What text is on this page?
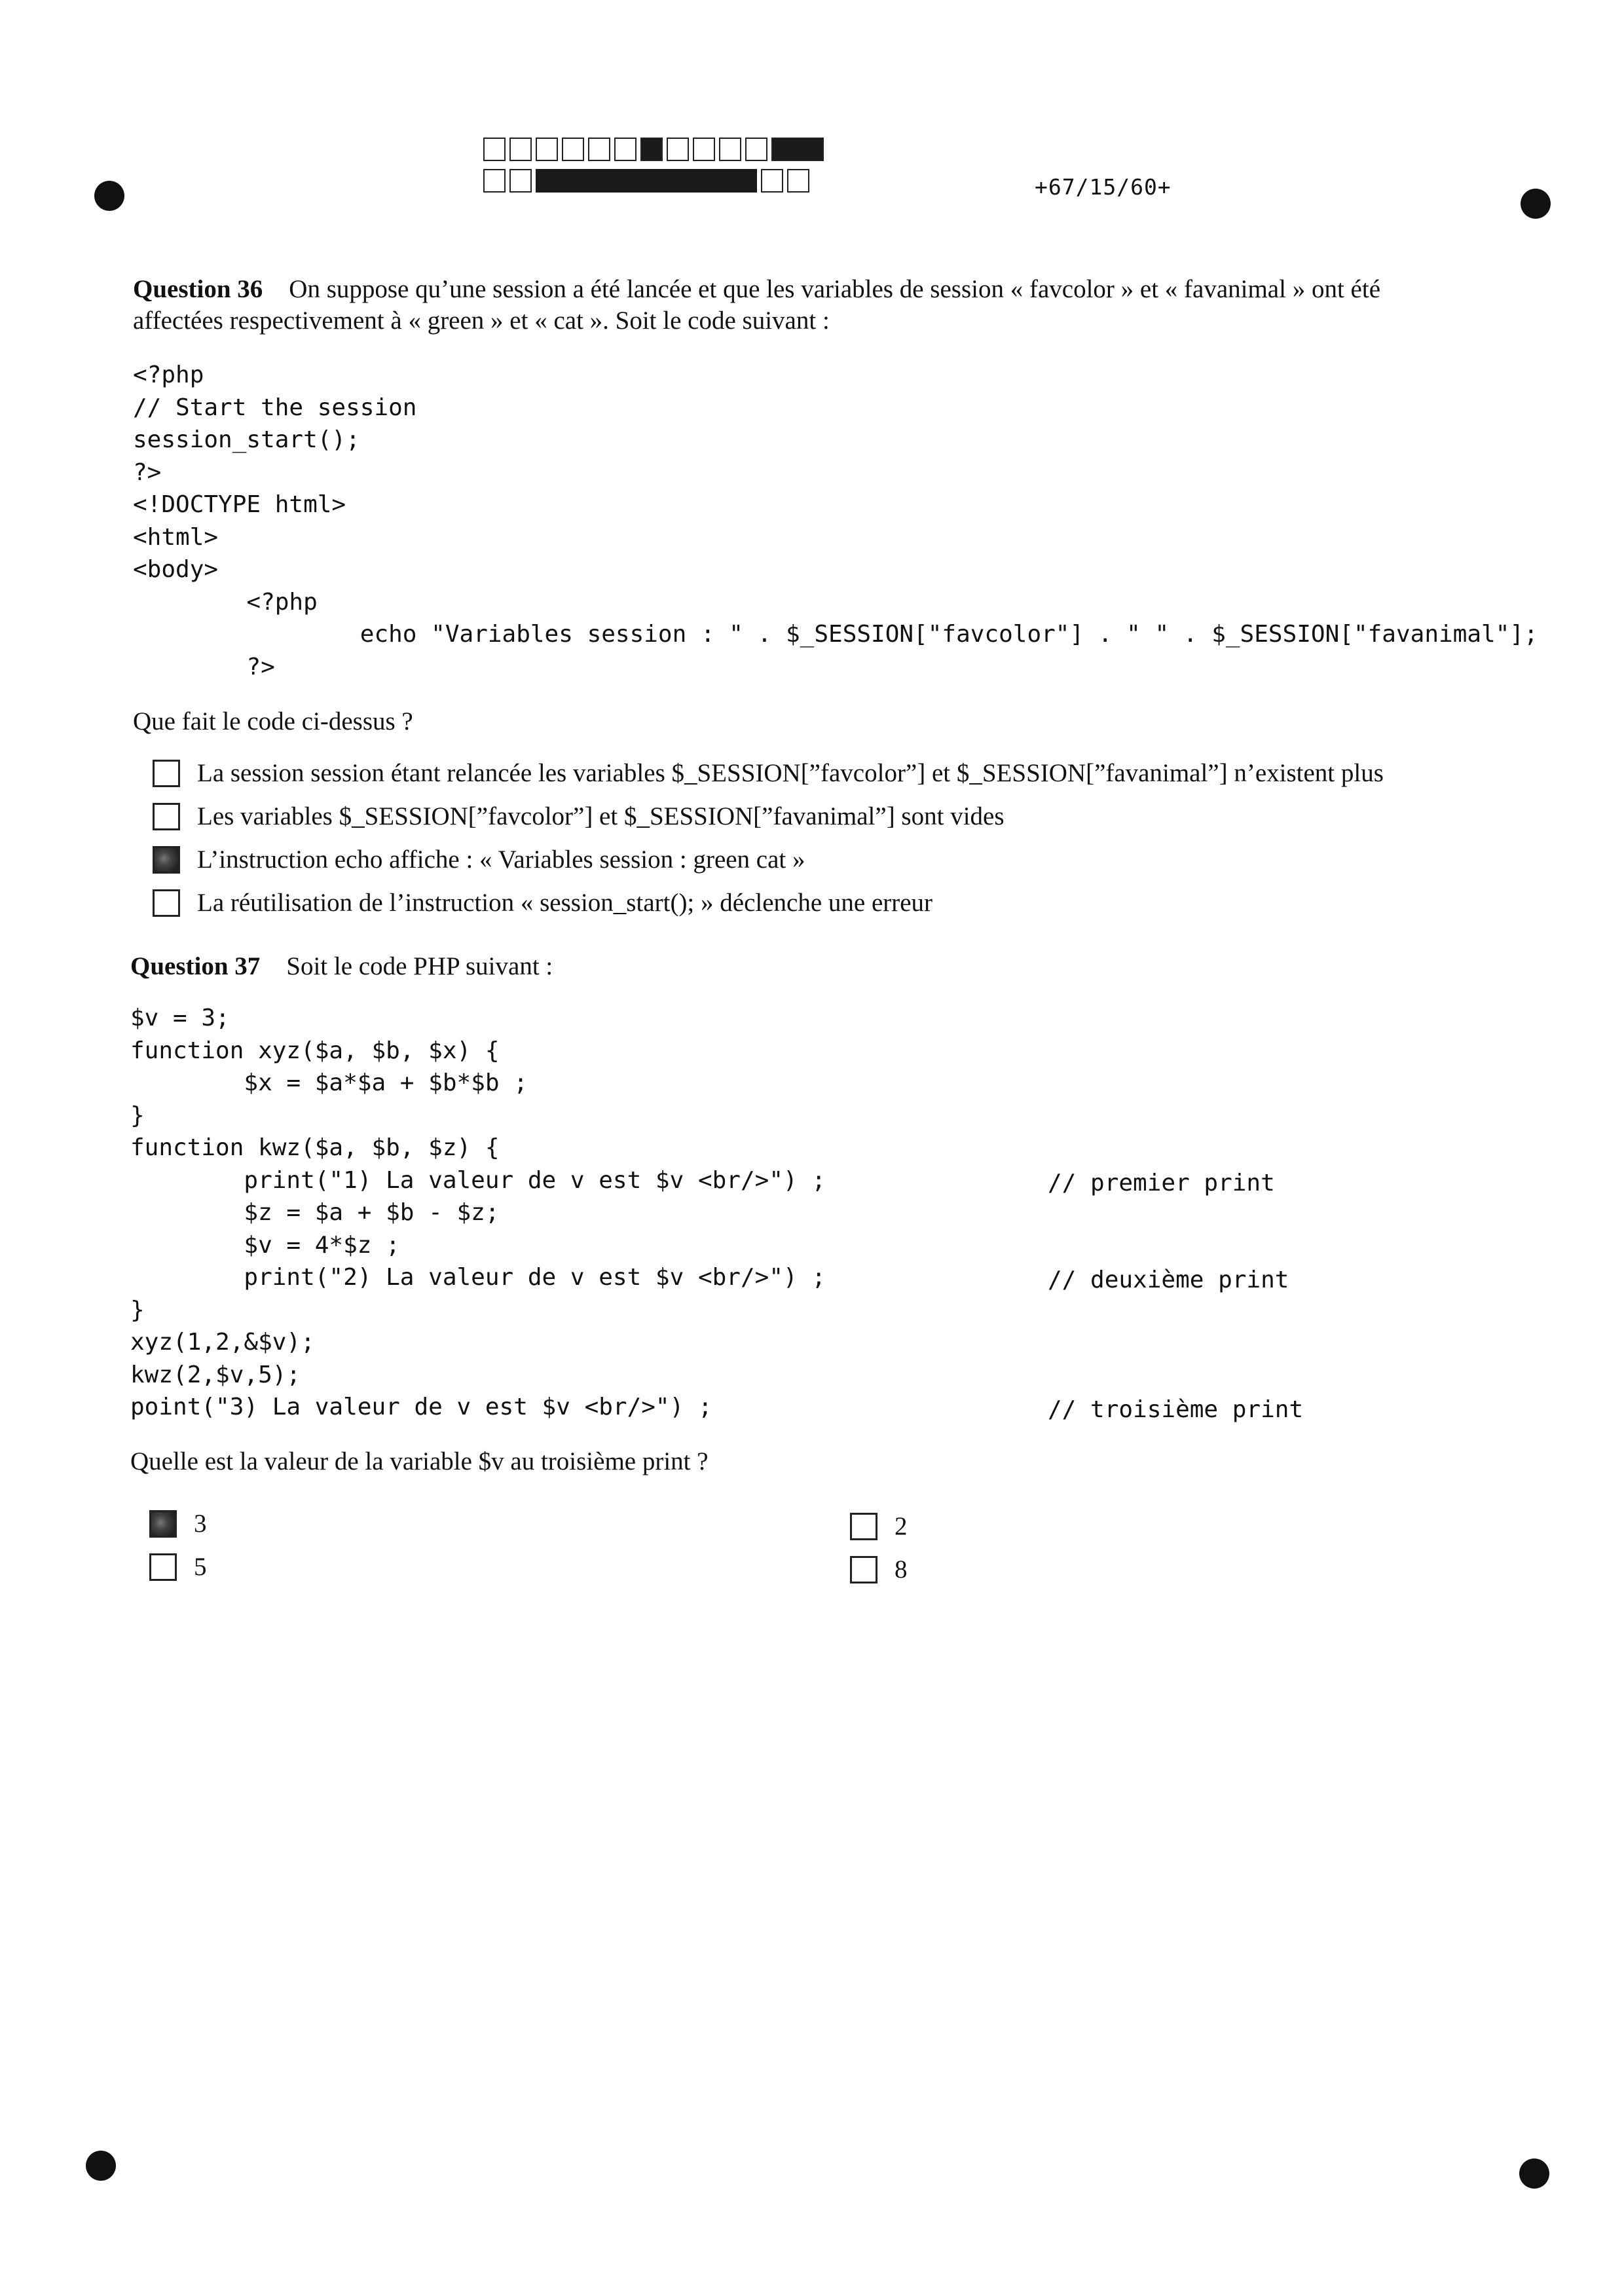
+67/15/60+
Question 36 On suppose qu’une session a été lancée et que les variables de session « favcolor » et « favanimal » ont été
affectées respectivement à « green » et « cat ». Soit le code suivant :
<?php
// Start the session
session_start();
?>
<!DOCTYPE html>
<html>
<body>
<?php
echo "Variables session : " . $_SESSION["favcolor"] . " " . $_SESSION["favanimal"];
?>
Que fait le code ci-dessus ?
La session session étant relancée les variables $_SESSION[”favcolor”] et $_SESSION[”favanimal”] n’existent plus
Les variables $_SESSION[”favcolor”] et $_SESSION[”favanimal”] sont vides
L’instruction echo affiche : « Variables session : green cat »
La réutilisation de l’instruction « session_start(); » déclenche une erreur
Question 37 Soit le code PHP suivant :
$v = 3;
function xyz($a, $b, $x) {
$x = $a*$a + $b*$b ;
}
function kwz($a, $b, $z) {
print("1) La valeur de v est $v <br/>") ;
$z = $a + $b - $z;
$v = 4*$z ;
print("2) La valeur de v est $v <br/>") ;
}
xyz(1,2,&$v);
kwz(2,$v,5);
point("3) La valeur de v est $v <br/>") ;
// premier print
// deuxième print
// troisième print
Quelle est la valeur de la variable $v au troisième print ?
3	2
5	8
